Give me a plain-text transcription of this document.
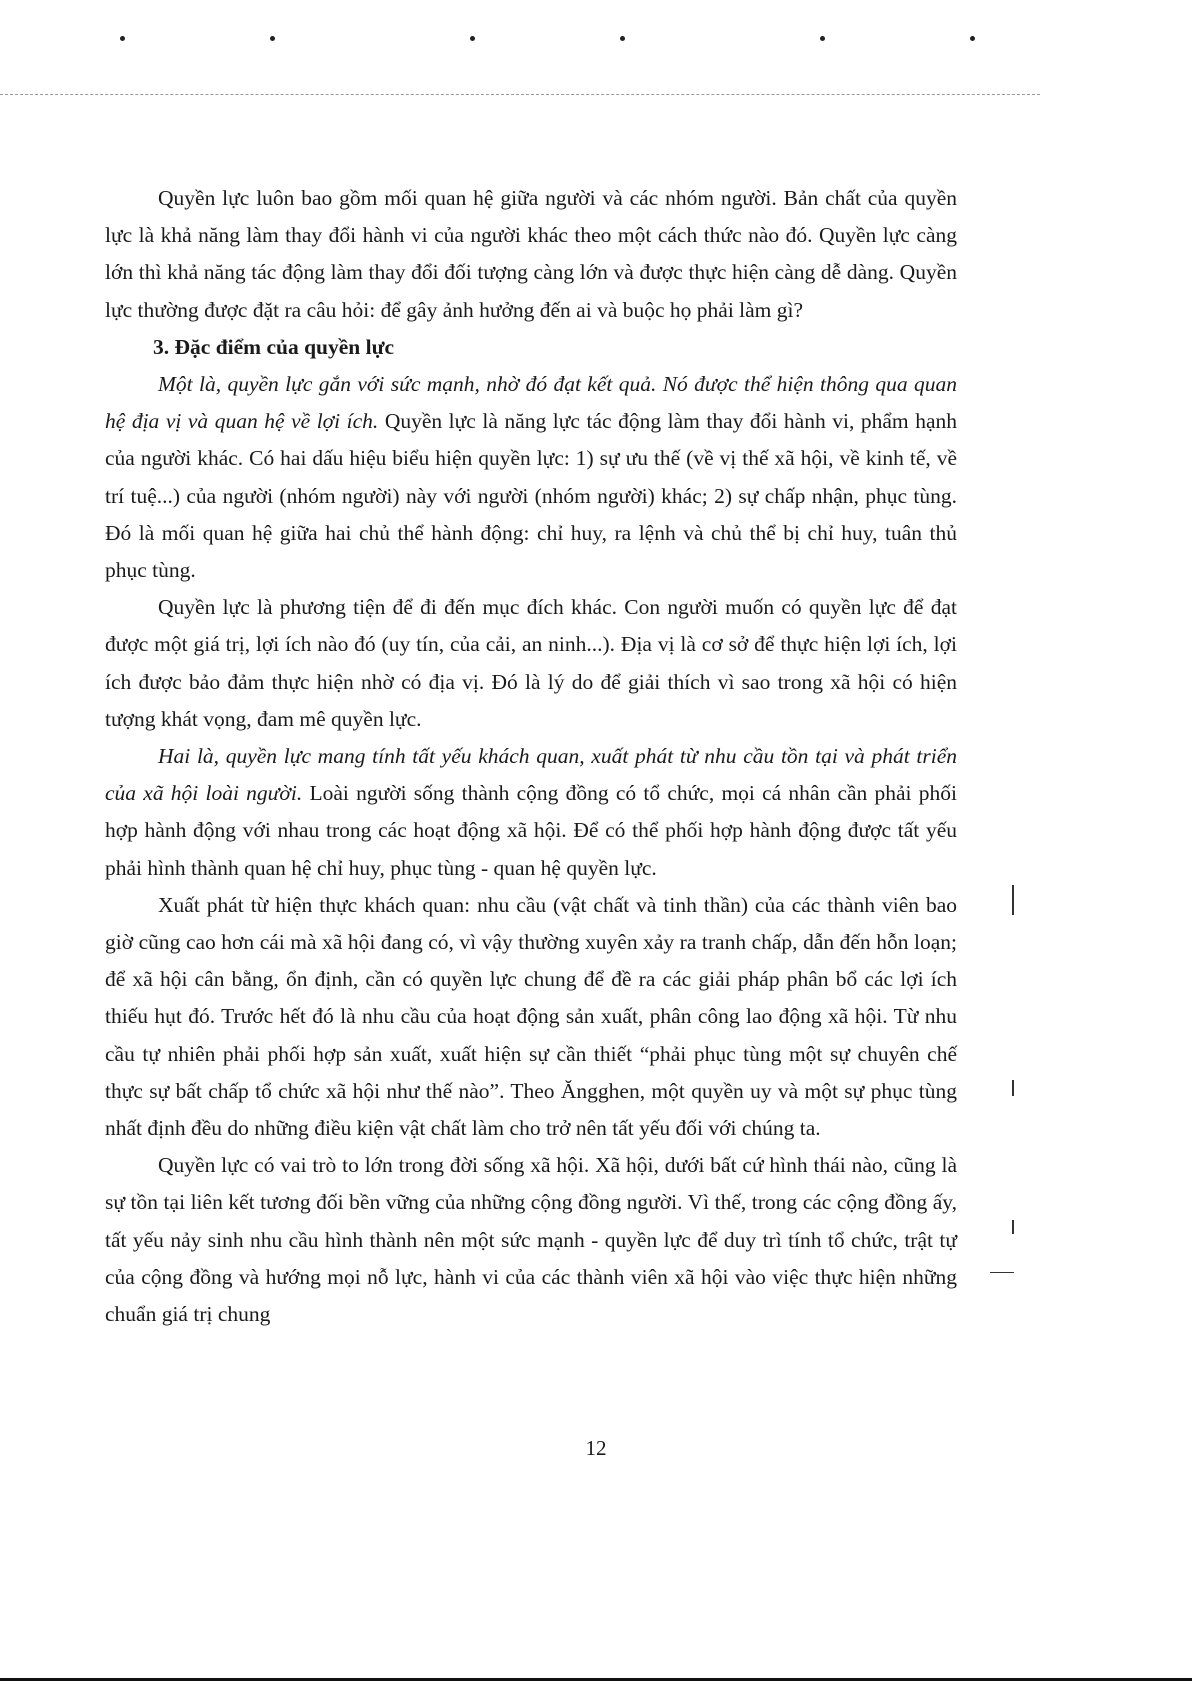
Quyền lực luôn bao gồm mối quan hệ giữa người và các nhóm người. Bản chất của quyền lực là khả năng làm thay đổi hành vi của người khác theo một cách thức nào đó. Quyền lực càng lớn thì khả năng tác động làm thay đổi đối tượng càng lớn và được thực hiện càng dễ dàng. Quyền lực thường được đặt ra câu hỏi: để gây ảnh hưởng đến ai và buộc họ phải làm gì?

3. Đặc điểm của quyền lực

Một là, quyền lực gắn với sức mạnh, nhờ đó đạt kết quả. Nó được thể hiện thông qua quan hệ địa vị và quan hệ về lợi ích. Quyền lực là năng lực tác động làm thay đổi hành vi, phẩm hạnh của người khác. Có hai dấu hiệu biểu hiện quyền lực: 1) sự ưu thế (về vị thế xã hội, về kinh tế, về trí tuệ...) của người (nhóm người) này với người (nhóm người) khác; 2) sự chấp nhận, phục tùng. Đó là mối quan hệ giữa hai chủ thể hành động: chỉ huy, ra lệnh và chủ thể bị chỉ huy, tuân thủ phục tùng.

Quyền lực là phương tiện để đi đến mục đích khác. Con người muốn có quyền lực để đạt được một giá trị, lợi ích nào đó (uy tín, của cải, an ninh...). Địa vị là cơ sở để thực hiện lợi ích, lợi ích được bảo đảm thực hiện nhờ có địa vị. Đó là lý do để giải thích vì sao trong xã hội có hiện tượng khát vọng, đam mê quyền lực.

Hai là, quyền lực mang tính tất yếu khách quan, xuất phát từ nhu cầu tồn tại và phát triển của xã hội loài người. Loài người sống thành cộng đồng có tổ chức, mọi cá nhân cần phải phối hợp hành động với nhau trong các hoạt động xã hội. Để có thể phối hợp hành động được tất yếu phải hình thành quan hệ chỉ huy, phục tùng - quan hệ quyền lực.

Xuất phát từ hiện thực khách quan: nhu cầu (vật chất và tinh thần) của các thành viên bao giờ cũng cao hơn cái mà xã hội đang có, vì vậy thường xuyên xảy ra tranh chấp, dẫn đến hỗn loạn; để xã hội cân bằng, ổn định, cần có quyền lực chung để đề ra các giải pháp phân bổ các lợi ích thiếu hụt đó. Trước hết đó là nhu cầu của hoạt động sản xuất, phân công lao động xã hội. Từ nhu cầu tự nhiên phải phối hợp sản xuất, xuất hiện sự cần thiết “phải phục tùng một sự chuyên chế thực sự bất chấp tổ chức xã hội như thế nào”. Theo Ăngghen, một quyền uy và một sự phục tùng nhất định đều do những điều kiện vật chất làm cho trở nên tất yếu đối với chúng ta.

Quyền lực có vai trò to lớn trong đời sống xã hội. Xã hội, dưới bất cứ hình thái nào, cũng là sự tồn tại liên kết tương đối bền vững của những cộng đồng người. Vì thế, trong các cộng đồng ấy, tất yếu nảy sinh nhu cầu hình thành nên một sức mạnh - quyền lực để duy trì tính tổ chức, trật tự của cộng đồng và hướng mọi nỗ lực, hành vi của các thành viên xã hội vào việc thực hiện những chuẩn giá trị chung

12
